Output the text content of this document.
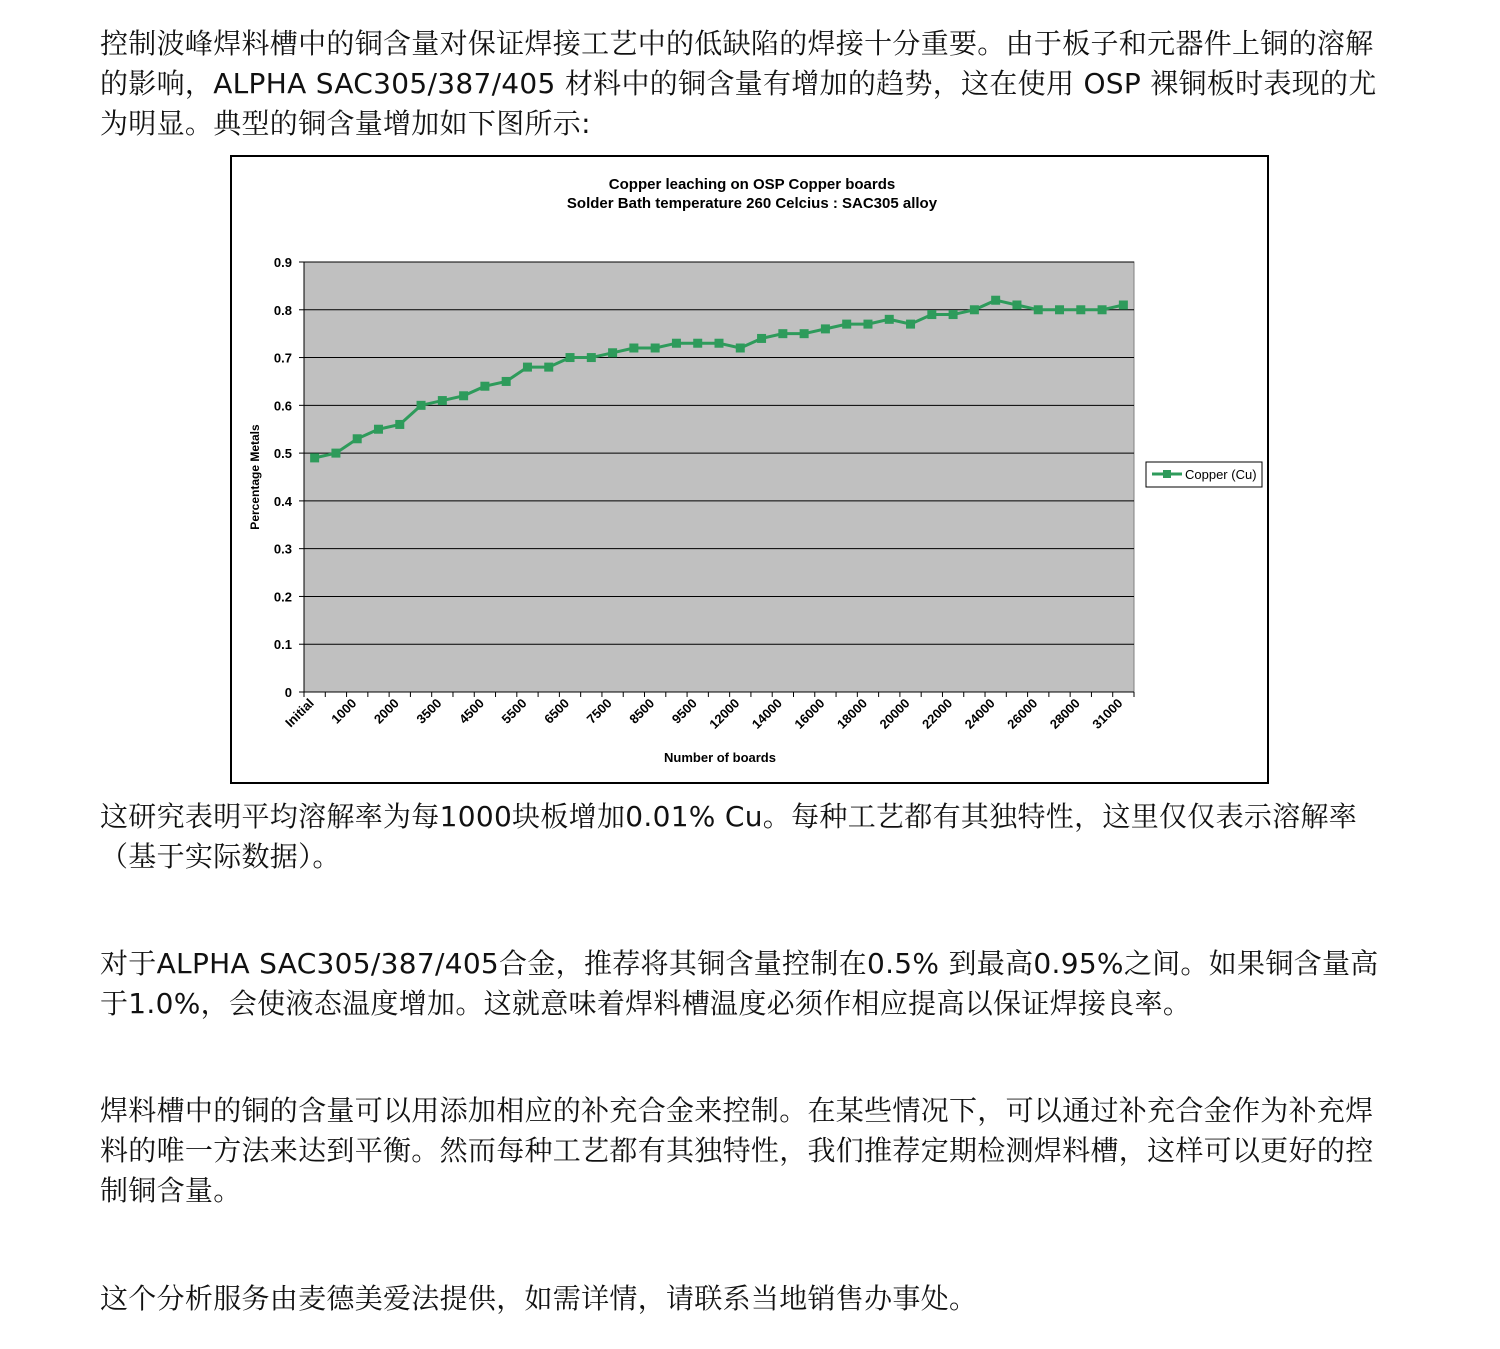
控制波峰焊料槽中的铜含量对保证焊接工艺中的低缺陷的焊接十分重要。由于板子和元器件上铜的溶解的影响，ALPHA SAC305/387/405 材料中的铜含量有增加的趋势，这在使用 OSP 裸铜板时表现的尤为明显。典型的铜含量增加如下图所示:

Copper leaching on OSP Copper boards
Solder Bath temperature 260 Celcius : SAC305 alloy
0
0.1
0.2
0.3
0.4
0.5
0.6
0.7
0.8
0.9
Initial 1000 2000 3500 4500 5500 6500 7500 8500 9500 12000 14000 16000 18000 20000 22000 24000 26000 28000 31000
Percentage Metals
Number of boards
Copper (Cu)

这研究表明平均溶解率为每1000块板增加0.01% Cu。每种工艺都有其独特性，这里仅仅表示溶解率（基于实际数据）。

对于ALPHA SAC305/387/405合金，推荐将其铜含量控制在0.5% 到最高0.95%之间。如果铜含量高于1.0%，会使液态温度增加。这就意味着焊料槽温度必须作相应提高以保证焊接良率。

焊料槽中的铜的含量可以用添加相应的补充合金来控制。在某些情况下，可以通过补充合金作为补充焊料的唯一方法来达到平衡。然而每种工艺都有其独特性，我们推荐定期检测焊料槽，这样可以更好的控制铜含量。

这个分析服务由麦德美爱法提供，如需详情，请联系当地销售办事处。
